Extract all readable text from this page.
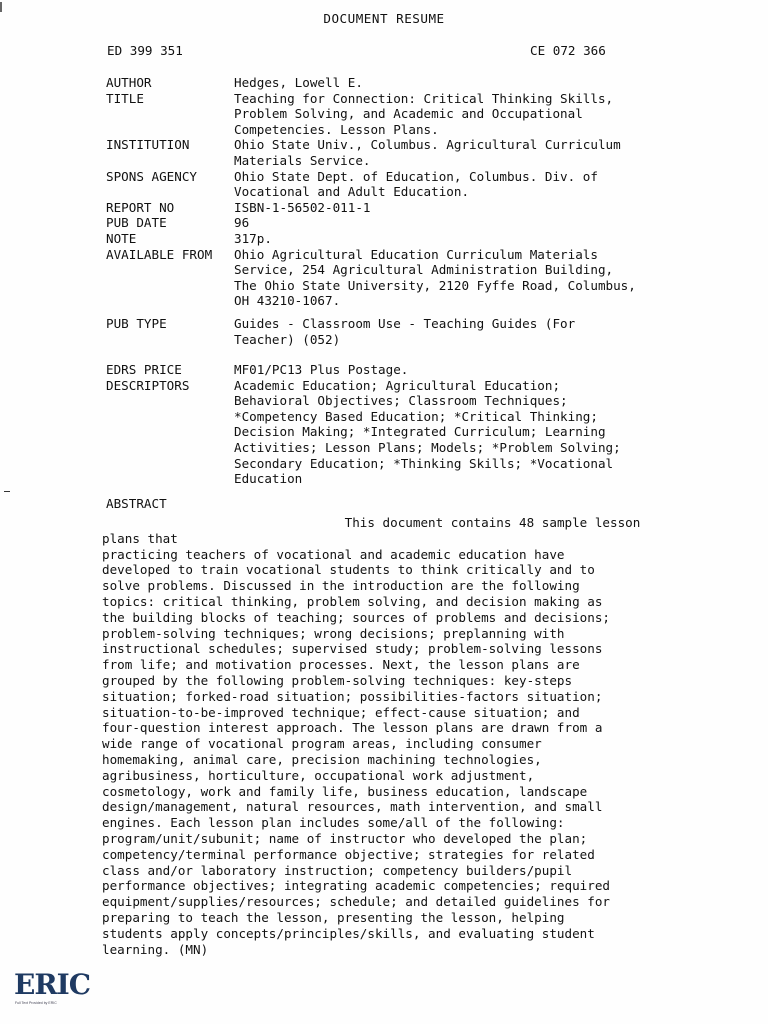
DOCUMENT RESUME
ED 399 351	CE 072 366
AUTHOR	Hedges, Lowell E.
TITLE	Teaching for Connection: Critical Thinking Skills,
Problem Solving, and Academic and Occupational
Competencies. Lesson Plans.
INSTITUTION	Ohio State Univ., Columbus. Agricultural Curriculum
Materials Service.
SPONS AGENCY	Ohio State Dept. of Education, Columbus. Div. of
Vocational and Adult Education.
REPORT NO	ISBN-1-56502-011-1
PUB DATE	96
NOTE	317p.
AVAILABLE FROM	Ohio Agricultural Education Curriculum Materials
Service, 254 Agricultural Administration Building,
The Ohio State University, 2120 Fyffe Road, Columbus,
OH 43210-1067.
PUB TYPE	Guides - Classroom Use - Teaching Guides (For
Teacher) (052)
EDRS PRICE	MF01/PC13 Plus Postage.
DESCRIPTORS	Academic Education; Agricultural Education;
Behavioral Objectives; Classroom Techniques;
*Competency Based Education; *Critical Thinking;
Decision Making; *Integrated Curriculum; Learning
Activities; Lesson Plans; Models; *Problem Solving;
Secondary Education; *Thinking Skills; *Vocational
Education
ABSTRACT
This document contains 48 sample lesson plans that
practicing teachers of vocational and academic education have
developed to train vocational students to think critically and to
solve problems. Discussed in the introduction are the following
topics: critical thinking, problem solving, and decision making as
the building blocks of teaching; sources of problems and decisions;
problem-solving techniques; wrong decisions; preplanning with
instructional schedules; supervised study; problem-solving lessons
from life; and motivation processes. Next, the lesson plans are
grouped by the following problem-solving techniques: key-steps
situation; forked-road situation; possibilities-factors situation;
situation-to-be-improved technique; effect-cause situation; and
four-question interest approach. The lesson plans are drawn from a
wide range of vocational program areas, including consumer
homemaking, animal care, precision machining technologies,
agribusiness, horticulture, occupational work adjustment,
cosmetology, work and family life, business education, landscape
design/management, natural resources, math intervention, and small
engines. Each lesson plan includes some/all of the following:
program/unit/subunit; name of instructor who developed the plan;
competency/terminal performance objective; strategies for related
class and/or laboratory instruction; competency builders/pupil
performance objectives; integrating academic competencies; required
equipment/supplies/resources; schedule; and detailed guidelines for
preparing to teach the lesson, presenting the lesson, helping
students apply concepts/principles/skills, and evaluating student
learning. (MN)
ERIC
Full Text Provided by ERIC
